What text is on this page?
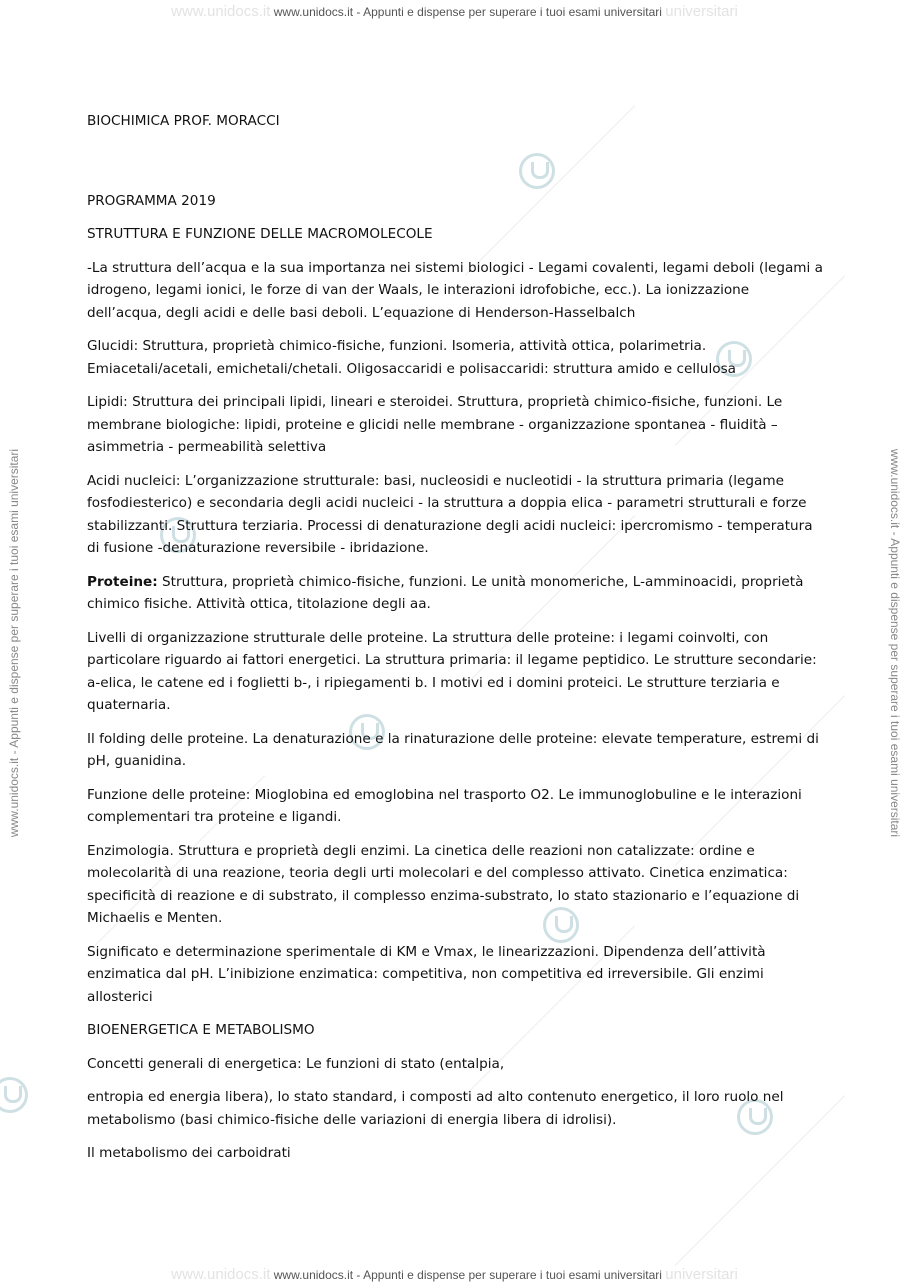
www.unidocs.it www.unidocs.it - Appunti e dispense per superare i tuoi esami universitari universitari
www.unidocs.it - Appunti e dispense per superare i tuoi esami universitari	www.unidocs.it - Appunti e dispense per superare i tuoi esami universitari

BIOCHIMICA PROF. MORACCI

PROGRAMMA 2019

STRUTTURA E FUNZIONE DELLE MACROMOLECOLE

-La struttura dell’acqua e la sua importanza nei sistemi biologici - Legami covalenti, legami deboli (legami a idrogeno, legami ionici, le forze di van der Waals, le interazioni idrofobiche, ecc.). La ionizzazione dell’acqua, degli acidi e delle basi deboli. L’equazione di Henderson-Hasselbalch

Glucidi: Struttura, proprietà chimico-fisiche, funzioni. Isomeria, attività ottica, polarimetria. Emiacetali/acetali, emichetali/chetali. Oligosaccaridi e polisaccaridi: struttura amido e cellulosa

Lipidi: Struttura dei principali lipidi, lineari e steroidei. Struttura, proprietà chimico-fisiche, funzioni. Le membrane biologiche: lipidi, proteine e glicidi nelle membrane - organizzazione spontanea - fluidità – asimmetria - permeabilità selettiva

Acidi nucleici: L’organizzazione strutturale: basi, nucleosidi e nucleotidi - la struttura primaria (legame fosfodiesterico) e secondaria degli acidi nucleici - la struttura a doppia elica - parametri strutturali e forze stabilizzanti. Struttura terziaria. Processi di denaturazione degli acidi nucleici: ipercromismo - temperatura di fusione -denaturazione reversibile - ibridazione.

Proteine: Struttura, proprietà chimico-fisiche, funzioni. Le unità monomeriche, L-amminoacidi, proprietà chimico fisiche. Attività ottica, titolazione degli aa.

Livelli di organizzazione strutturale delle proteine. La struttura delle proteine: i legami coinvolti, con particolare riguardo ai fattori energetici. La struttura primaria: il legame peptidico. Le strutture secondarie: a-elica, le catene ed i foglietti b-, i ripiegamenti b. I motivi ed i domini proteici. Le strutture terziaria e quaternaria.

Il folding delle proteine. La denaturazione e la rinaturazione delle proteine: elevate temperature, estremi di pH, guanidina.

Funzione delle proteine: Mioglobina ed emoglobina nel trasporto O2. Le immunoglobuline e le interazioni complementari tra proteine e ligandi.

Enzimologia. Struttura e proprietà degli enzimi. La cinetica delle reazioni non catalizzate: ordine e molecolarità di una reazione, teoria degli urti molecolari e del complesso attivato. Cinetica enzimatica: specificità di reazione e di substrato, il complesso enzima-substrato, lo stato stazionario e l’equazione di Michaelis e Menten.

Significato e determinazione sperimentale di KM e Vmax, le linearizzazioni. Dipendenza dell’attività enzimatica dal pH. L’inibizione enzimatica: competitiva, non competitiva ed irreversibile. Gli enzimi allosterici

BIOENERGETICA E METABOLISMO

Concetti generali di energetica: Le funzioni di stato (entalpia,

entropia ed energia libera), lo stato standard, i composti ad alto contenuto energetico, il loro ruolo nel metabolismo (basi chimico-fisiche delle variazioni di energia libera di idrolisi).

Il metabolismo dei carboidrati

www.unidocs.it www.unidocs.it - Appunti e dispense per superare i tuoi esami universitari universitari
